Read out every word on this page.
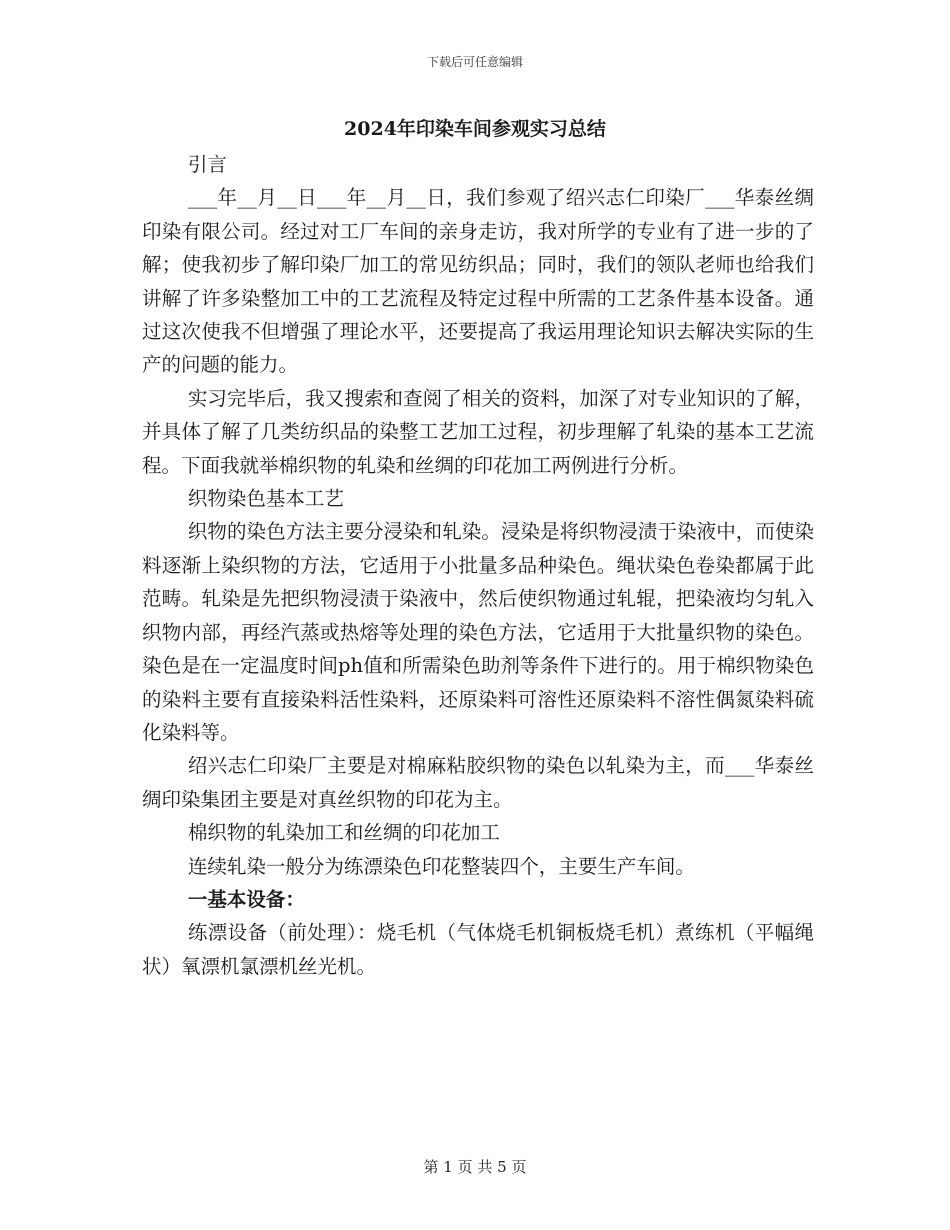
下载后可任意编辑
2024年印染车间参观实习总结

引言

___年__月__日___年__月__日，我们参观了绍兴志仁印染厂___华泰丝绸印染有限公司。经过对工厂车间的亲身走访，我对所学的专业有了进一步的了解；使我初步了解印染厂加工的常见纺织品；同时，我们的领队老师也给我们讲解了许多染整加工中的工艺流程及特定过程中所需的工艺条件基本设备。通过这次使我不但增强了理论水平，还要提高了我运用理论知识去解决实际的生产的问题的能力。

实习完毕后，我又搜索和查阅了相关的资料，加深了对专业知识的了解，并具体了解了几类纺织品的染整工艺加工过程，初步理解了轧染的基本工艺流程。下面我就举棉织物的轧染和丝绸的印花加工两例进行分析。

织物染色基本工艺

织物的染色方法主要分浸染和轧染。浸染是将织物浸渍于染液中，而使染料逐渐上染织物的方法，它适用于小批量多品种染色。绳状染色卷染都属于此范畴。轧染是先把织物浸渍于染液中，然后使织物通过轧辊，把染液均匀轧入织物内部，再经汽蒸或热熔等处理的染色方法，它适用于大批量织物的染色。染色是在一定温度时间ph值和所需染色助剂等条件下进行的。用于棉织物染色的染料主要有直接染料活性染料，还原染料可溶性还原染料不溶性偶氮染料硫化染料等。

绍兴志仁印染厂主要是对棉麻粘胶织物的染色以轧染为主，而___华泰丝绸印染集团主要是对真丝织物的印花为主。

棉织物的轧染加工和丝绸的印花加工

连续轧染一般分为练漂染色印花整装四个，主要生产车间。

一基本设备：

练漂设备（前处理）：烧毛机（气体烧毛机铜板烧毛机）煮练机（平幅绳状）氧漂机氯漂机丝光机。

第 1 页 共 5 页
